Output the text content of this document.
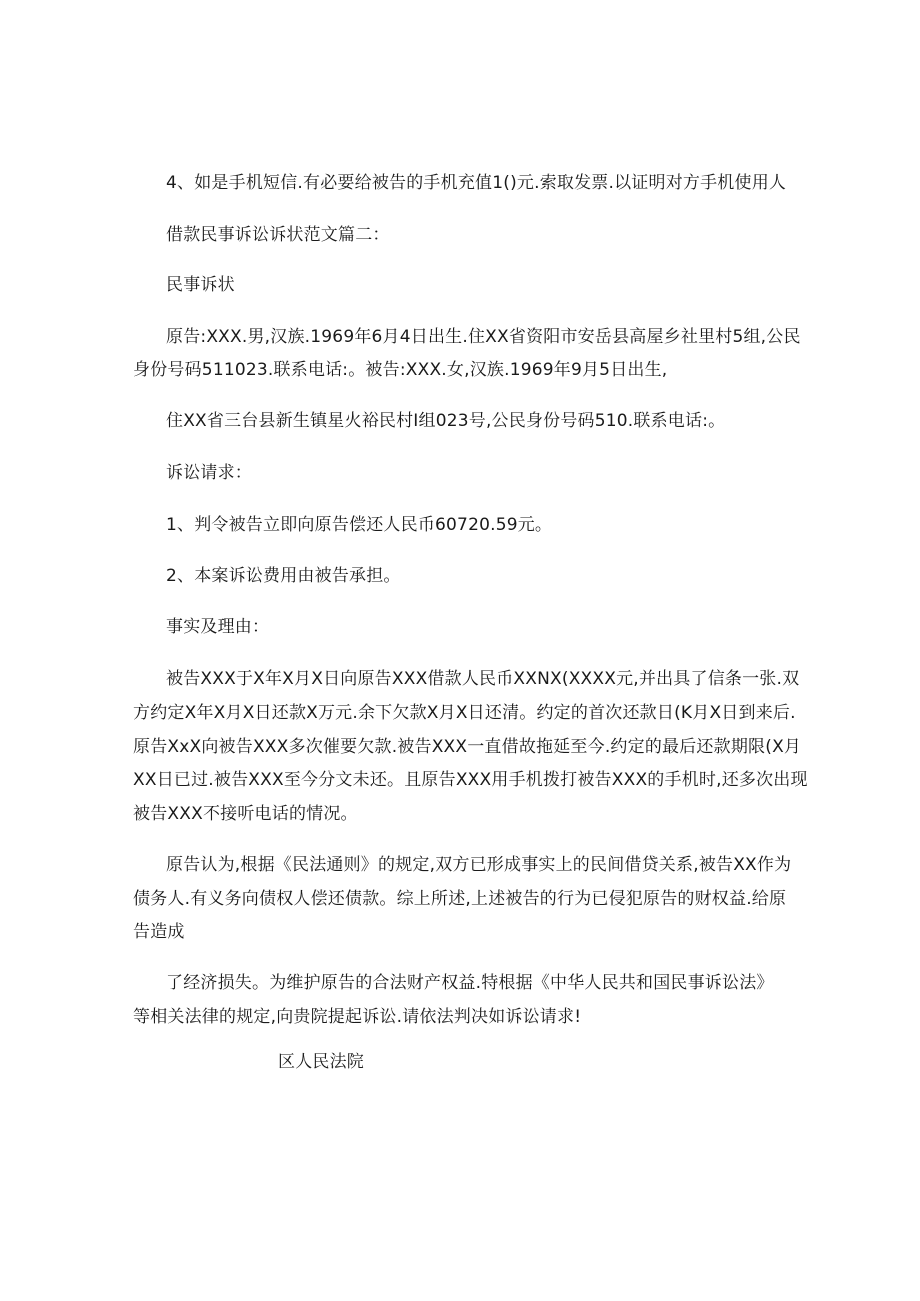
4、如是手机短信.有必要给被告的手机充值1()元.索取发票.以证明对方手机使用人
借款民事诉讼诉状范文篇二：
民事诉状
原告:XXX.男,汉族.1969年6月4日出生.住XX省资阳市安岳县高屋乡社里村5组,公民
身份号码511023.联系电话:。被告:XXX.女,汉族.1969年9月5日出生,
住XX省三台县新生镇星火裕民村I组023号,公民身份号码510.联系电话:。
诉讼请求：
1、判令被告立即向原告偿还人民币60720.59元。
2、本案诉讼费用由被告承担。
事实及理由：
被告XXX于X年X月X日向原告XXX借款人民币XXNX(XXXX元,并出具了信条一张.双
方约定X年X月X日还款X万元.余下欠款X月X日还清。约定的首次还款日(K月X日到来后.
原告XxX向被告XXX多次催要欠款.被告XXX一直借故拖延至今.约定的最后还款期限(X月
XX日已过.被告XXX至今分文未还。且原告XXX用手机拨打被告XXX的手机时,还多次出现
被告XXX不接听电话的情况。
原告认为,根据《民法通则》的规定,双方已形成事实上的民间借贷关系,被告XX作为
债务人.有义务向债权人偿还债款。综上所述,上述被告的行为已侵犯原告的财权益.给原
告造成
了经济损失。为维护原告的合法财产权益.特根据《中华人民共和国民事诉讼法》
等相关法律的规定,向贵院提起诉讼.请依法判决如诉讼请求!
区人民法院
